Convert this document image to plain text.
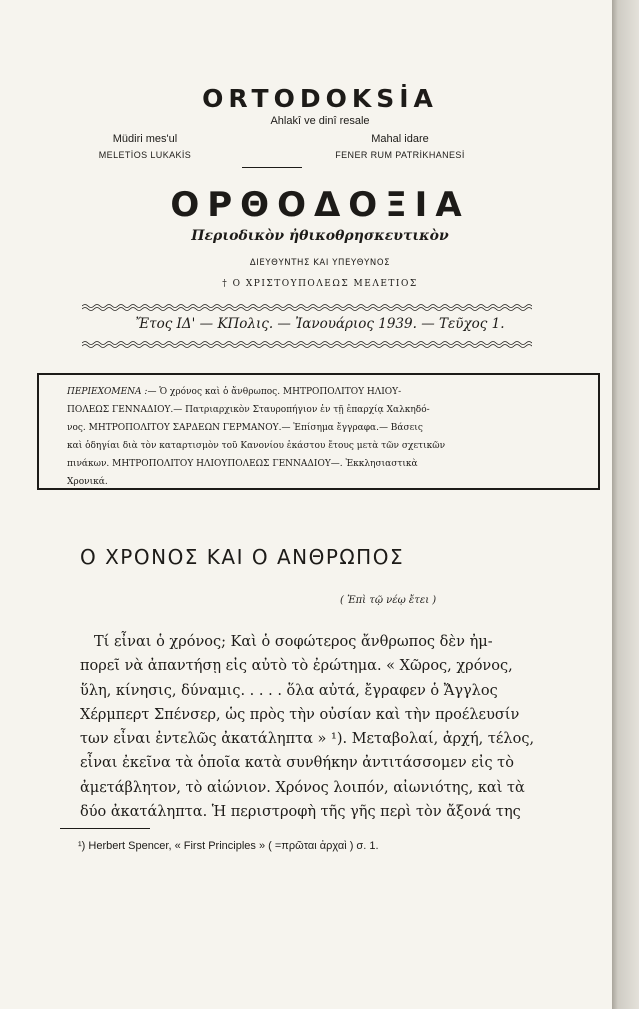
ORTODOKSİA
Ahlakî ve dinî resale
Müdiri mes'ul
MELETİOS LUKAKİS
Mahal idare
FENER RUM PATRİKHANESİ
ΟΡΘΟΔΟΞΙΑ
Περιοδικὸν ἠθικοθρησκευτικὸν
ΔΙΕΥΘΥΝΤΗΣ ΚΑΙ ΥΠΕΥΘΥΝΟΣ
† Ο ΧΡΙΣΤΟΥΠΟΛΕΩΣ ΜΕΛΕΤΙΟΣ
Ἔτος ΙΔ' — ΚΠολις. — Ἰανουάριος 1939. — Τεῦχος 1.
ΠΕΡΙΕΧΟΜΕΝΑ :— Ὁ χρόνος καὶ ὁ ἄνθρωπος. ΜΗΤΡΟΠΟΛΙΤΟΥ ΗΛΙΟΥ-
ΠΟΛΕΩΣ ΓΕΝΝΑΔΙΟΥ.— Πατριαρχικὸν Σταυροπήγιον ἐν τῇ ἐπαρχίᾳ Χαλκηδό-
νος. ΜΗΤΡΟΠΟΛΙΤΟΥ ΣΑΡΔΕΩΝ ΓΕΡΜΑΝΟΥ.— Ἐπίσημα ἔγγραφα.— Βάσεις
καὶ ὁδηγίαι διὰ τὸν καταρτισμὸν τοῦ Κανονίου ἑκάστου ἔτους μετὰ τῶν σχετικῶν
πινάκων. ΜΗΤΡΟΠΟΛΙΤΟΥ ΗΛΙΟΥΠΟΛΕΩΣ ΓΕΝΝΑΔΙΟΥ—. Ἐκκλησιαστικὰ
Χρονικά.
Ο ΧΡΟΝΟΣ ΚΑΙ Ο ΑΝΘΡΩΠΟΣ
( Ἐπὶ τῷ νέῳ ἔτει )

Τί εἶναι ὁ χρόνος; Καὶ ὁ σοφώτερος ἄνθρωπος δὲν ἠμ-

πορεῖ νὰ ἀπαντήσῃ εἰς αὐτὸ τὸ ἐρώτημα. « Χῶρος, χρόνος,

ὕλη, κίνησις, δύναμις. . . . . ὅλα αὐτά, ἔγραφεν ὁ Ἄγγλος

Χέρμπερτ Σπένσερ, ὡς πρὸς τὴν οὐσίαν καὶ τὴν προέλευσίν

των εἶναι ἐντελῶς ἀκατάληπτα » ¹). Μεταβολαί, ἀρχή, τέλος,

εἶναι ἐκεῖνα τὰ ὁποῖα κατὰ συνθήκην ἀντιτάσσομεν εἰς τὸ

ἀμετάβλητον, τὸ αἰώνιον. Χρόνος λοιπόν, αἰωνιότης, καὶ τὰ

δύο ἀκατάληπτα. Ἡ περιστροφὴ τῆς γῆς περὶ τὸν ἄξονά της

¹) Herbert Spencer, « First Principles » ( =πρῶται ἀρχαὶ ) σ. 1.
